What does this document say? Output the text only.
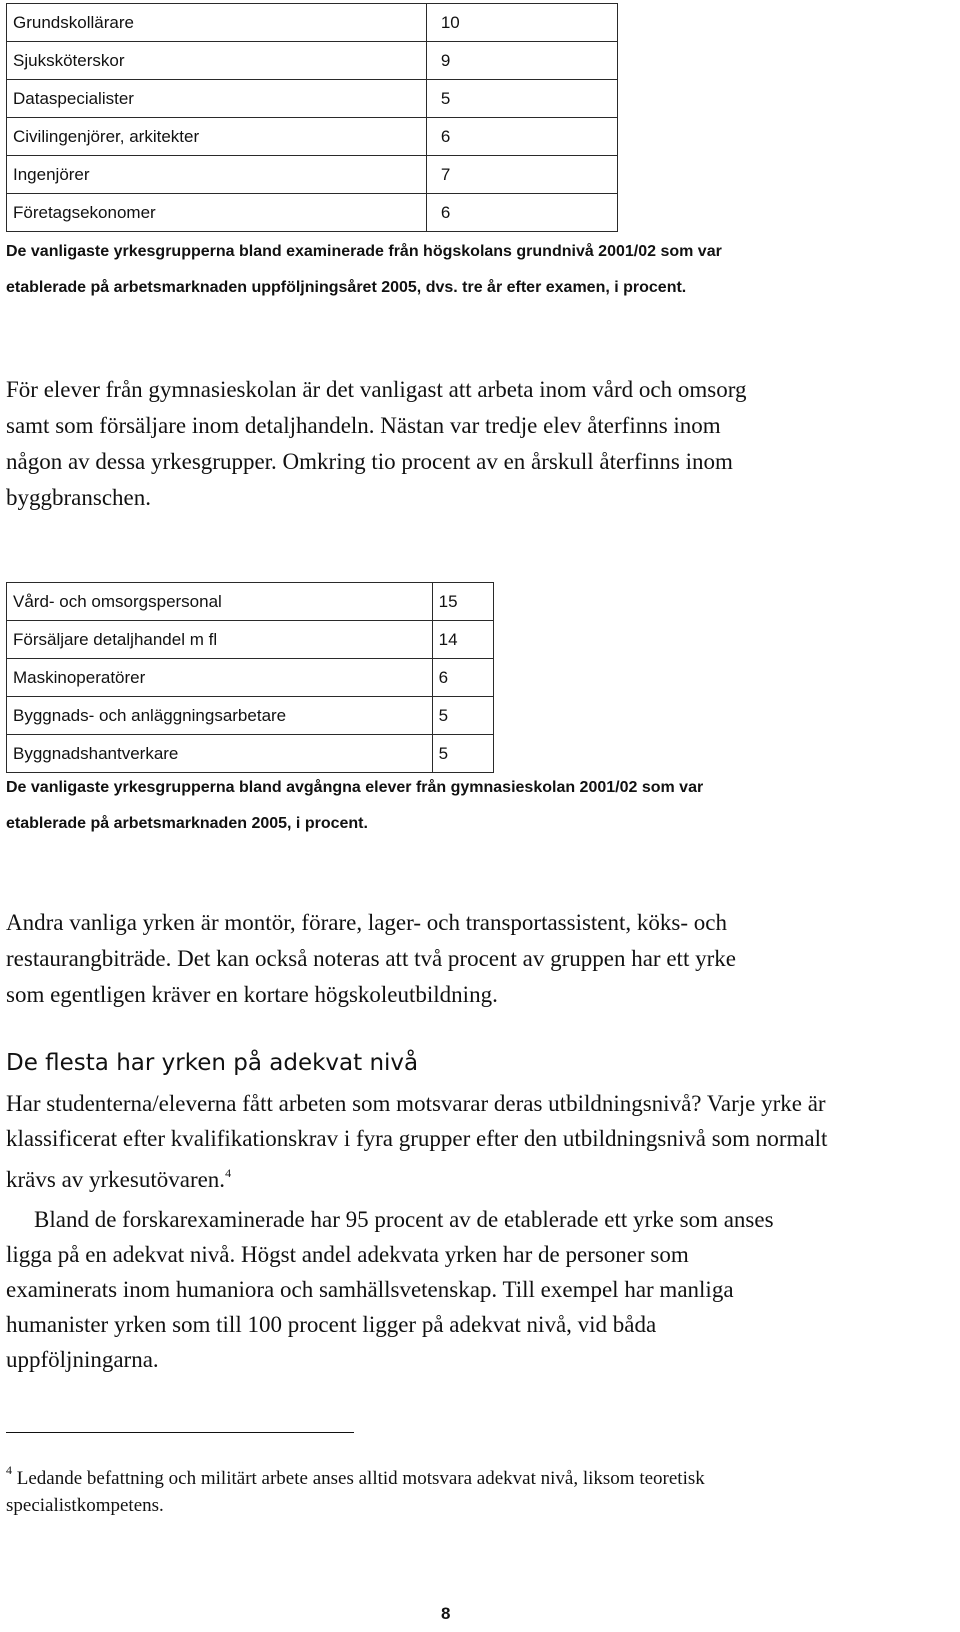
Grundskollärare	10
Sjuksköterskor	9
Dataspecialister	5
Civilingenjörer, arkitekter	6
Ingenjörer	7
Företagsekonomer	6
De vanligaste yrkesgrupperna bland examinerade från högskolans grundnivå 2001/02 som var
etablerade på arbetsmarknaden uppföljningsåret 2005, dvs. tre år efter examen, i procent.
För elever från gymnasieskolan är det vanligast att arbeta inom vård och omsorg
samt som försäljare inom detaljhandeln. Nästan var tredje elev återfinns inom
någon av dessa yrkesgrupper. Omkring tio procent av en årskull återfinns inom
byggbranschen.
Vård- och omsorgspersonal	15
Försäljare detaljhandel m fl	14
Maskinoperatörer	6
Byggnads- och anläggningsarbetare	5
Byggnadshantverkare	5
De vanligaste yrkesgrupperna bland avgångna elever från gymnasieskolan 2001/02 som var
etablerade på arbetsmarknaden 2005, i procent.
Andra vanliga yrken är montör, förare, lager- och transportassistent, köks- och
restaurangbiträde. Det kan också noteras att två procent av gruppen har ett yrke
som egentligen kräver en kortare högskoleutbildning.
De flesta har yrken på adekvat nivå
Har studenterna/eleverna fått arbeten som motsvarar deras utbildningsnivå? Varje yrke är
klassificerat efter kvalifikationskrav i fyra grupper efter den utbildningsnivå som normalt
krävs av yrkesutövaren.$^4$
Bland de forskarexaminerade har 95 procent av de etablerade ett yrke som anses
ligga på en adekvat nivå. Högst andel adekvata yrken har de personer som
examinerats inom humaniora och samhällsvetenskap. Till exempel har manliga
humanister yrken som till 100 procent ligger på adekvat nivå, vid båda
uppföljningarna.
$^4$ Ledande befattning och militärt arbete anses alltid motsvara adekvat nivå, liksom teoretisk
specialistkompetens.
8
